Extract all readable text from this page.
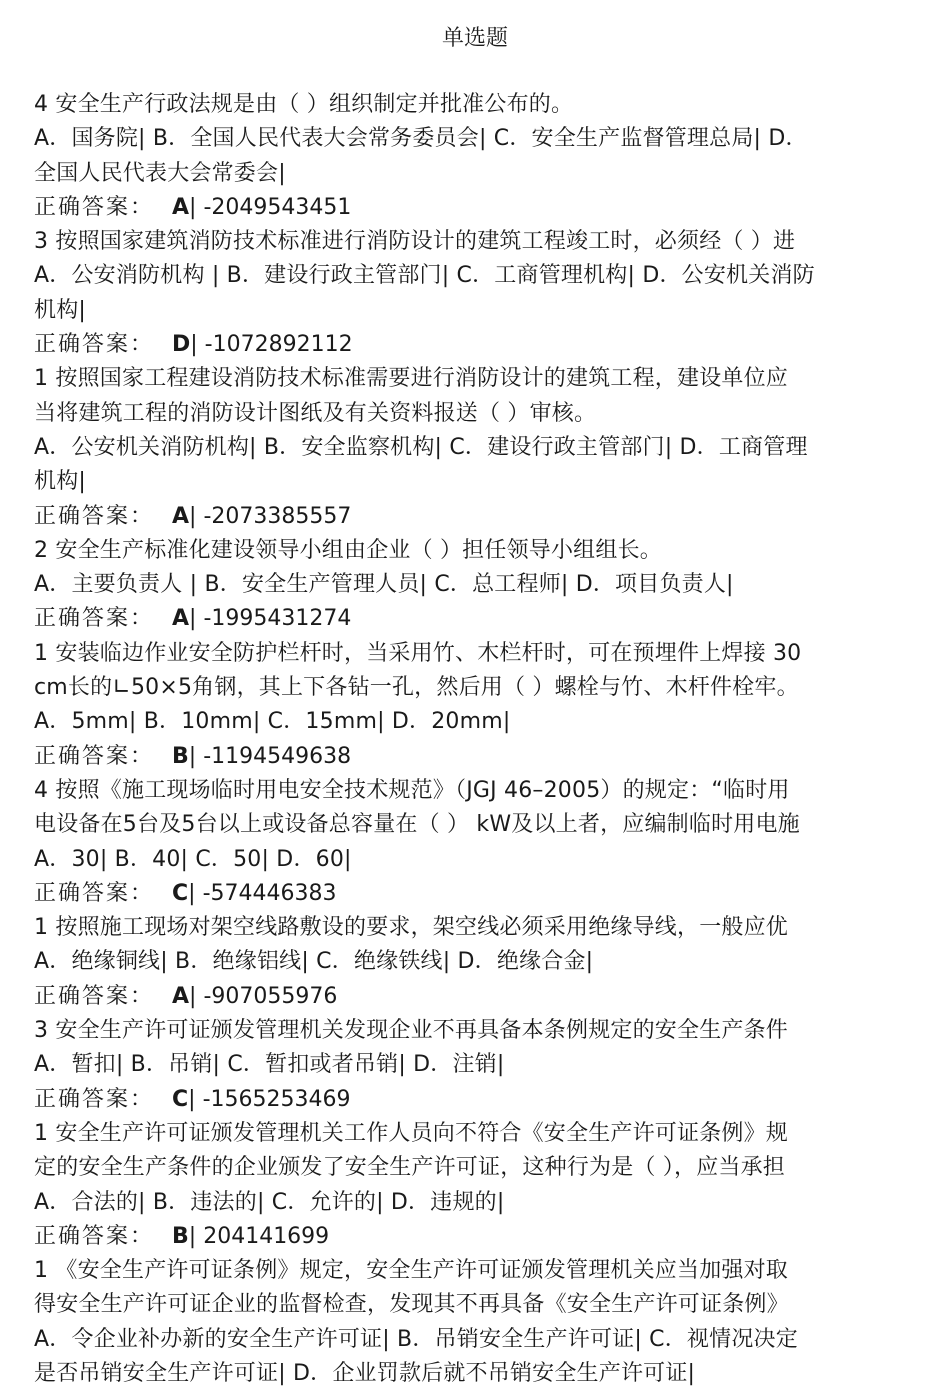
单选题
4 安全生产行政法规是由（ ）组织制定并批准公布的。
A．国务院| B．全国人民代表大会常务委员会| C．安全生产监督管理总局| D．
全国人民代表大会常委会|
正确答案： A| -2049543451
3 按照国家建筑消防技术标准进行消防设计的建筑工程竣工时，必须经（ ）进
A．公安消防机构 | B．建设行政主管部门| C．工商管理机构| D．公安机关消防
机构|
正确答案： D| -1072892112
1 按照国家工程建设消防技术标准需要进行消防设计的建筑工程，建设单位应
当将建筑工程的消防设计图纸及有关资料报送（ ）审核。
A．公安机关消防机构| B．安全监察机构| C．建设行政主管部门| D．工商管理
机构|
正确答案： A| -2073385557
2 安全生产标准化建设领导小组由企业（ ）担任领导小组组长。
A．主要负责人 | B．安全生产管理人员| C．总工程师| D．项目负责人|
正确答案： A| -1995431274
1 安装临边作业安全防护栏杆时，当采用竹、木栏杆时，可在预埋件上焊接 30
cm长的∟50×5角钢，其上下各钻一孔，然后用（ ）螺栓与竹、木杆件栓牢。
A．5mm| B．10mm| C．15mm| D．20mm|
正确答案： B| -1194549638
4 按照《施工现场临时用电安全技术规范》（JGJ 46–2005）的规定：“临时用
电设备在5台及5台以上或设备总容量在（ ） kW及以上者，应编制临时用电施
A．30| B．40| C．50| D．60|
正确答案： C| -574446383
1 按照施工现场对架空线路敷设的要求，架空线必须采用绝缘导线，一般应优
A．绝缘铜线| B．绝缘铝线| C．绝缘铁线| D．绝缘合金|
正确答案： A| -907055976
3 安全生产许可证颁发管理机关发现企业不再具备本条例规定的安全生产条件
A．暂扣| B．吊销| C．暂扣或者吊销| D．注销|
正确答案： C| -1565253469
1 安全生产许可证颁发管理机关工作人员向不符合《安全生产许可证条例》规
定的安全生产条件的企业颁发了安全生产许可证，这种行为是（ ），应当承担
A．合法的| B．违法的| C．允许的| D．违规的|
正确答案： B| 204141699
1 《安全生产许可证条例》规定，安全生产许可证颁发管理机关应当加强对取
得安全生产许可证企业的监督检查，发现其不再具备《安全生产许可证条例》
A．令企业补办新的安全生产许可证| B．吊销安全生产许可证| C．视情况决定
是否吊销安全生产许可证| D．企业罚款后就不吊销安全生产许可证|
